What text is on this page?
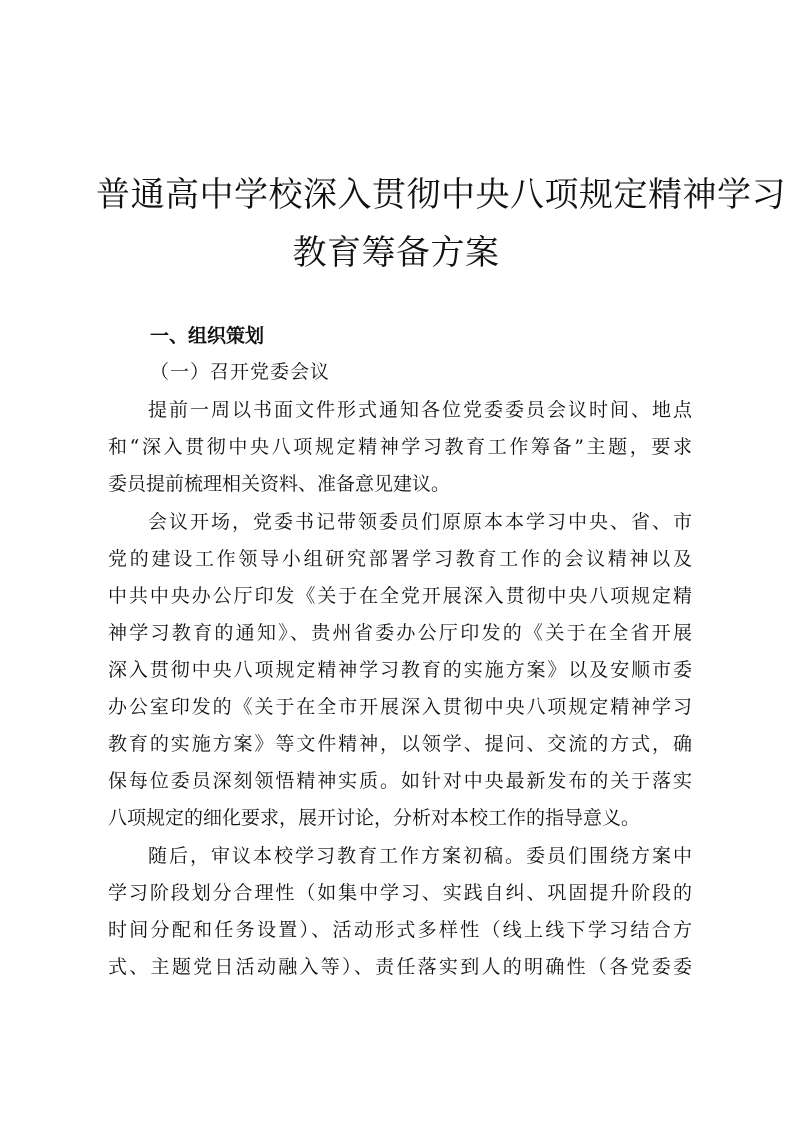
普通高中学校深入贯彻中央八项规定精神学习
教育筹备方案
一、组织策划
（一）召开党委会议
提前一周以书面文件形式通知各位党委委员会议时间、地点
和“深入贯彻中央八项规定精神学习教育工作筹备”主题，要求
委员提前梳理相关资料、准备意见建议。
会议开场，党委书记带领委员们原原本本学习中央、省、市
党的建设工作领导小组研究部署学习教育工作的会议精神以及
中共中央办公厅印发《关于在全党开展深入贯彻中央八项规定精
神学习教育的通知》、贵州省委办公厅印发的《关于在全省开展
深入贯彻中央八项规定精神学习教育的实施方案》以及安顺市委
办公室印发的《关于在全市开展深入贯彻中央八项规定精神学习
教育的实施方案》等文件精神，以领学、提问、交流的方式，确
保每位委员深刻领悟精神实质。如针对中央最新发布的关于落实
八项规定的细化要求，展开讨论，分析对本校工作的指导意义。
随后，审议本校学习教育工作方案初稿。委员们围绕方案中
学习阶段划分合理性（如集中学习、实践自纠、巩固提升阶段的
时间分配和任务设置）、活动形式多样性（线上线下学习结合方
式、主题党日活动融入等）、责任落实到人的明确性（各党委委
